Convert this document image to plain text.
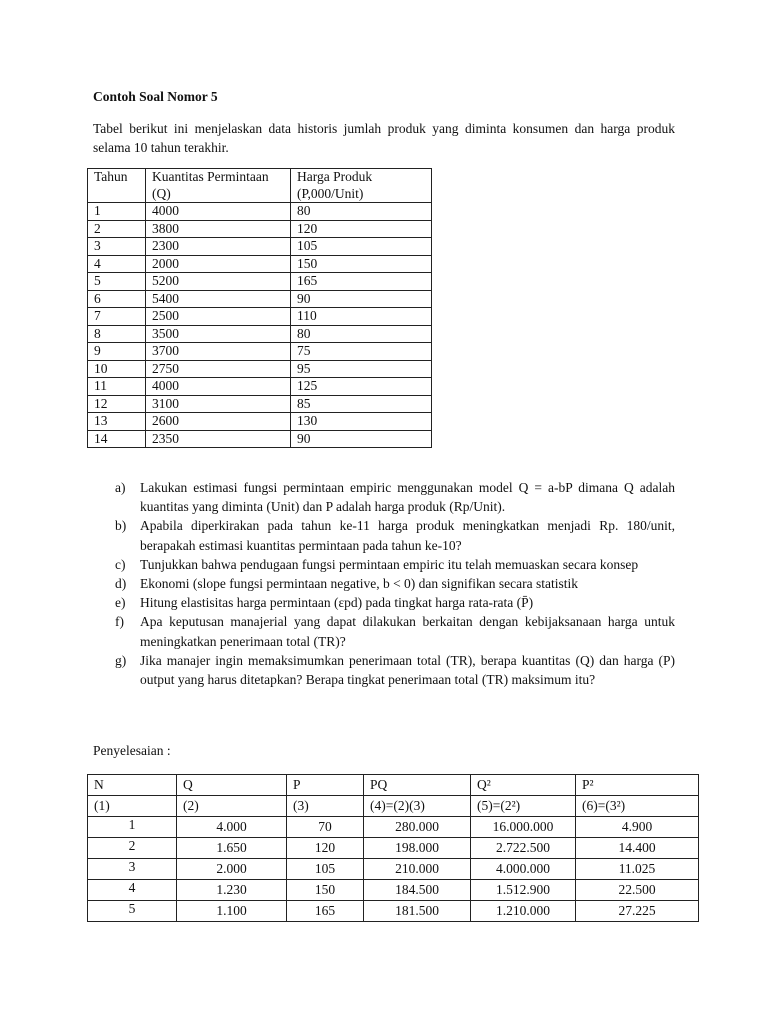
Contoh Soal Nomor 5
Tabel berikut ini menjelaskan data historis jumlah produk yang diminta konsumen dan harga produk selama 10 tahun terakhir.
Tahun	Kuantitas Permintaan (Q)	Harga Produk (P,000/Unit)
1	4000	80
2	3800	120
3	2300	105
4	2000	150
5	5200	165
6	5400	90
7	2500	110
8	3500	80
9	3700	75
10	2750	95
11	4000	125
12	3100	85
13	2600	130
14	2350	90
a)	Lakukan estimasi fungsi permintaan empiric menggunakan model Q = a-bP dimana Q adalah kuantitas yang diminta (Unit) dan P adalah harga produk (Rp/Unit).
b)	Apabila diperkirakan pada tahun ke-11 harga produk meningkatkan menjadi Rp. 180/unit, berapakah estimasi kuantitas permintaan pada tahun ke-10?
c)	Tunjukkan bahwa pendugaan fungsi permintaan empiric itu telah memuaskan secara konsep
d)	Ekonomi (slope fungsi permintaan negative, b < 0) dan signifikan secara statistik
e)	Hitung elastisitas harga permintaan (εpd) pada tingkat harga rata-rata (P̄)
f)	Apa keputusan manajerial yang dapat dilakukan berkaitan dengan kebijaksanaan harga untuk meningkatkan penerimaan total (TR)?
g)	Jika manajer ingin memaksimumkan penerimaan total (TR), berapa kuantitas (Q) dan harga (P) output yang harus ditetapkan? Berapa tingkat penerimaan total (TR) maksimum itu?
Penyelesaian :
N	Q	P	PQ	Q²	P²
(1)	(2)	(3)	(4)=(2)(3)	(5)=(2²)	(6)=(3²)
1	4.000	70	280.000	16.000.000	4.900
2	1.650	120	198.000	2.722.500	14.400
3	2.000	105	210.000	4.000.000	11.025
4	1.230	150	184.500	1.512.900	22.500
5	1.100	165	181.500	1.210.000	27.225
